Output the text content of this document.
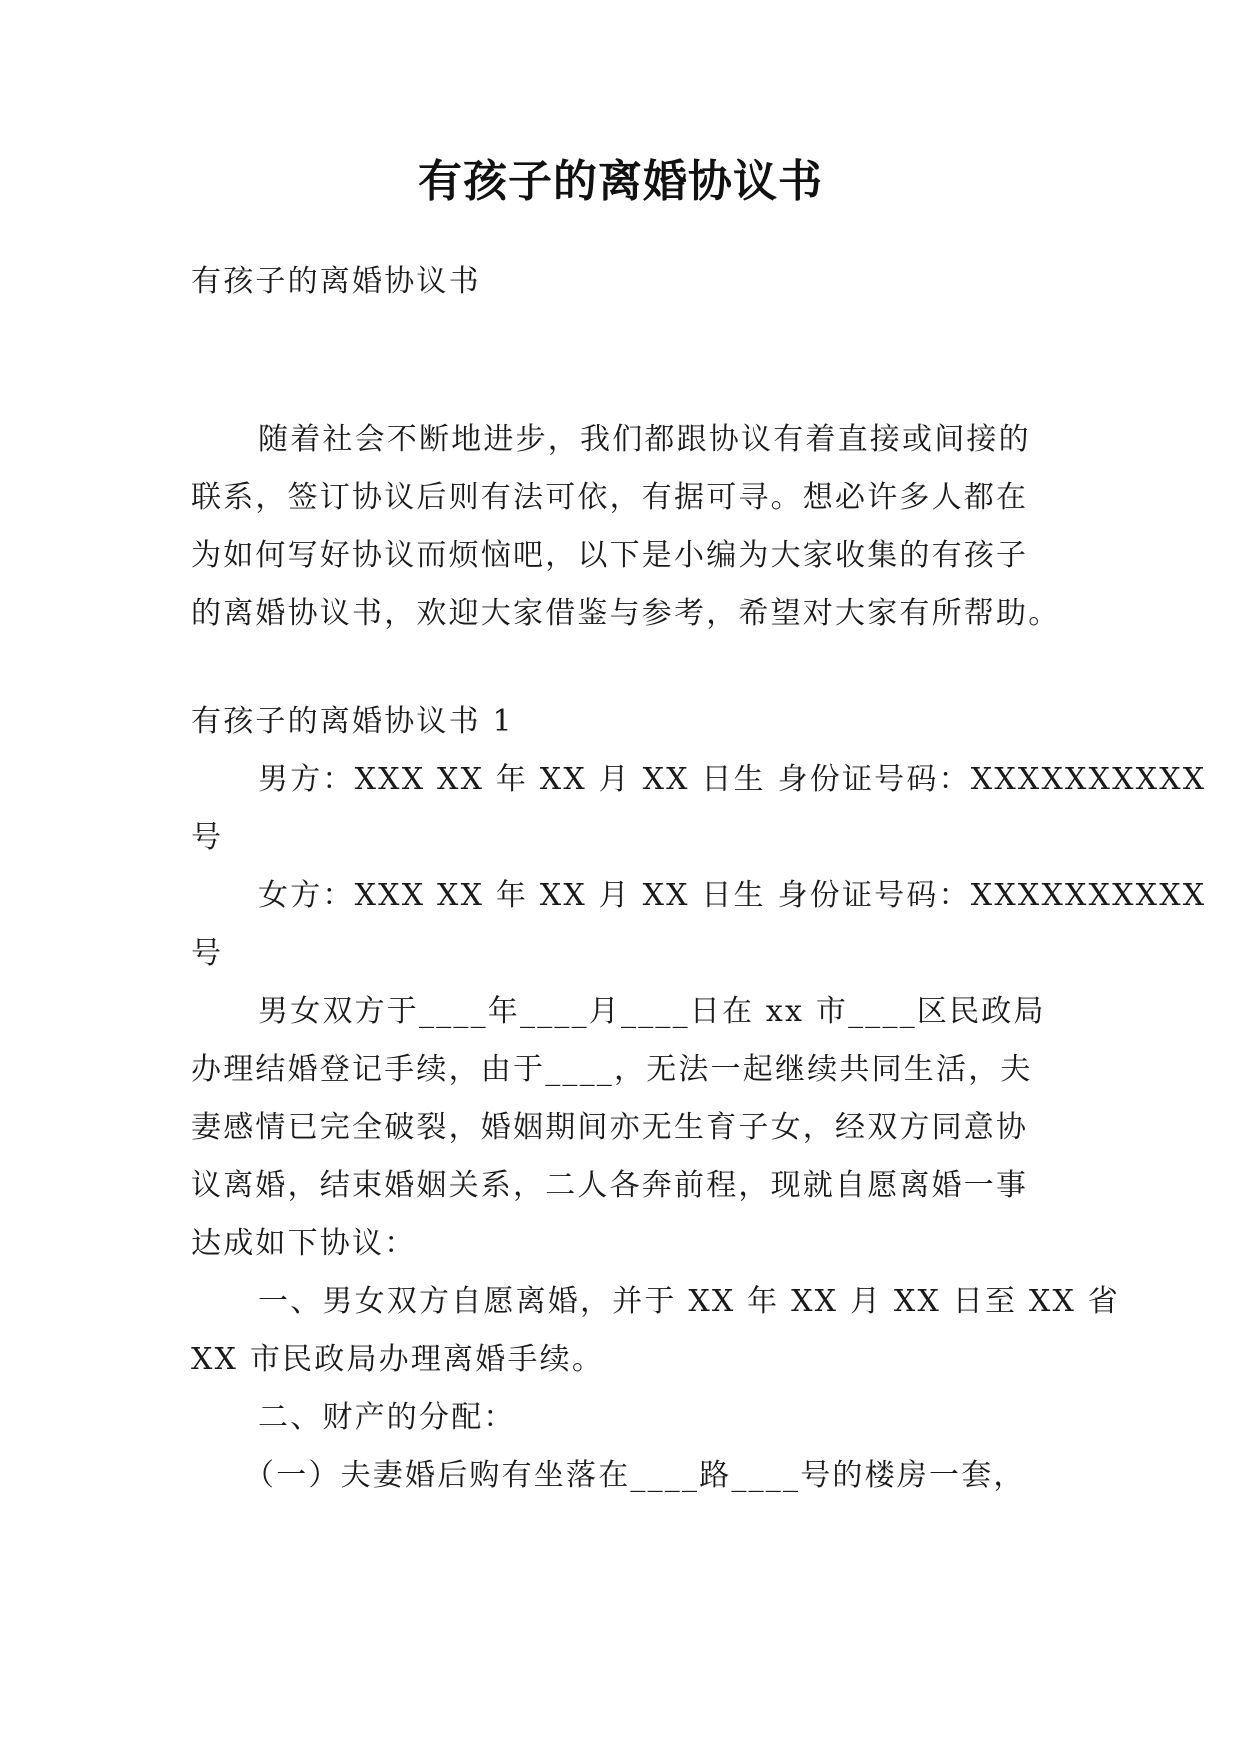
有孩子的离婚协议书
有孩子的离婚协议书
随着社会不断地进步，我们都跟协议有着直接或间接的
联系，签订协议后则有法可依，有据可寻。想必许多人都在
为如何写好协议而烦恼吧，以下是小编为大家收集的有孩子
的离婚协议书，欢迎大家借鉴与参考，希望对大家有所帮助。
有孩子的离婚协议书 1
男方：XXX XX 年 XX 月 XX 日生 身份证号码：XXXXXXXXXX
号
女方：XXX XX 年 XX 月 XX 日生 身份证号码：XXXXXXXXXX
号
男女双方于____年____月____日在 xx 市____区民政局
办理结婚登记手续，由于____，无法一起继续共同生活，夫
妻感情已完全破裂，婚姻期间亦无生育子女，经双方同意协
议离婚，结束婚姻关系，二人各奔前程，现就自愿离婚一事
达成如下协议：
一、男女双方自愿离婚，并于 XX 年 XX 月 XX 日至 XX 省
XX 市民政局办理离婚手续。
二、财产的分配：
（一）夫妻婚后购有坐落在____路____号的楼房一套，
